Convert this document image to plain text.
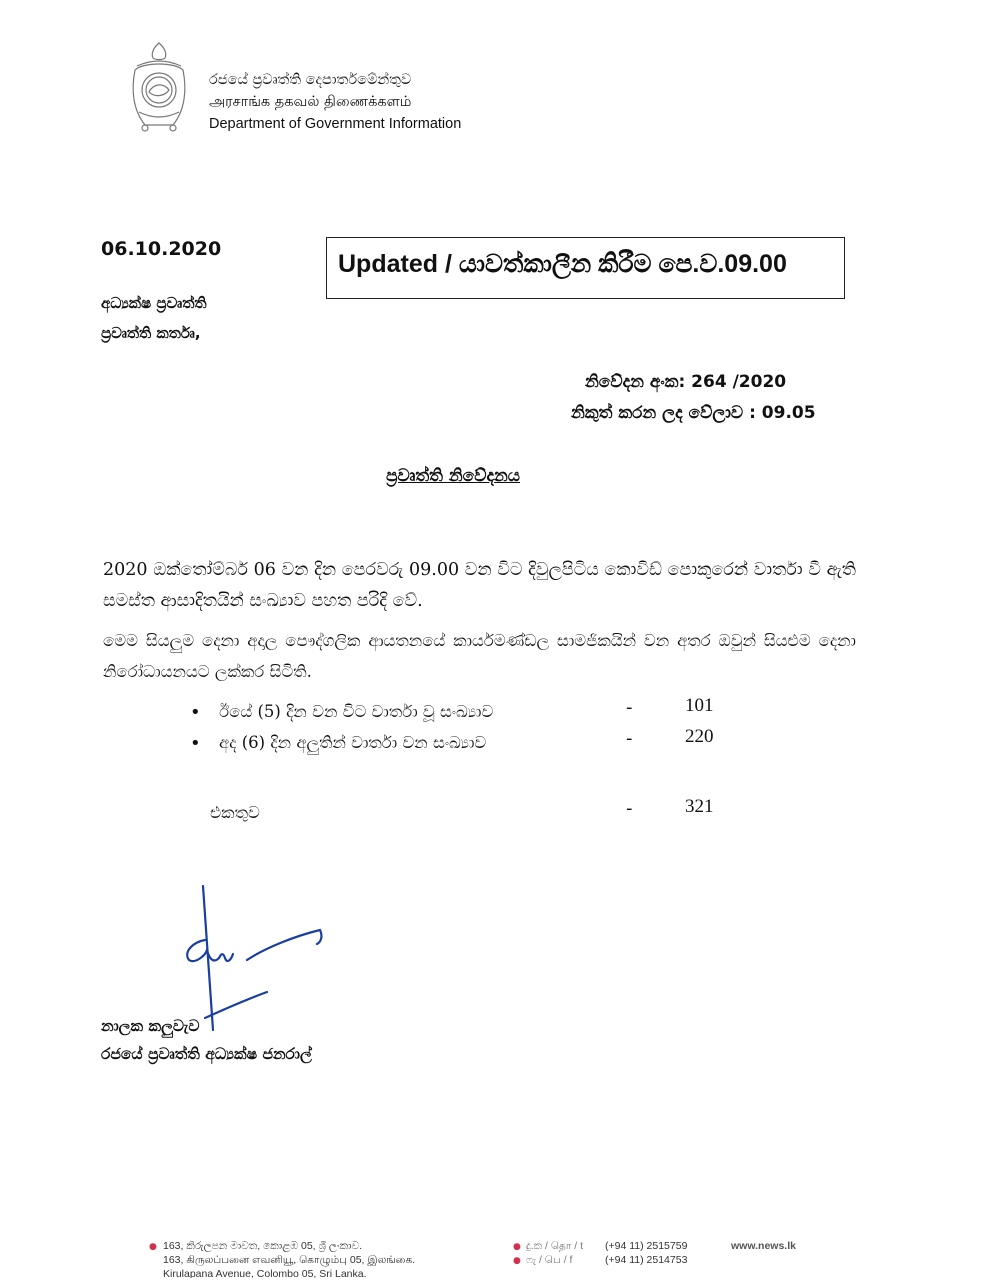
රජයේ ප්‍රවෘත්ති දෙපාර්තමේන්තුව
அரசாங்க தகவல் திணைக்களம்
Department of Government Information
06.10.2020
Updated / යාවත්කාලීන කිරීම පෙ.ව.09.00
අධ්‍යක්ෂ ප්‍රවෘත්ති
ප්‍රවෘත්ති කර්තෘ,
නිවේදන අංක: 264 /2020
නිකුත් කරන ලද වේලාව : 09.05
ප්‍රවෘත්ති නිවේදනය
2020 ඔක්තෝම්බර් 06 වන දින පෙරවරු 09.00 වන විට දිවුලපිටිය කොවිඩ් පොකුරෙන් වාර්තා වී ඇති සමස්ත ආසාදිතයින් සංඛ්‍යාව පහත පරිදි වේ.
මෙම සියලුම දෙනා අදාල පෞද්ගලික ආයතනයේ කාර්යමණ්ඩල සාමජිකයින් වන අතර ඔවුන් සියළුම දෙනා නිරෝධායනයට ලක්කර සිටිති.
• ඊයේ (5) දින වන විට වාර්තා වූ සංඛ්‍යාව	-	101
• අද (6) දින අලුතින් වාර්තා වන සංඛ්‍යාව	-	220
එකතුව	-	321
නාලක කලුවැව
රජයේ ප්‍රවෘත්ති අධ්‍යක්ෂ ජනරාල්
● 163, කිරුලපන මාවත, කොළඹ 05, ශ්‍රී ලංකාව.
163, கிருலப்பனை எவனியூ, கொழும்பு 05, இலங்கை.
Kirulapana Avenue, Colombo 05, Sri Lanka.
● දු.ක / தொ / t (+94 11) 2515759
● ෆැ / பெ / f	(+94 11) 2514753
www.news.lk
